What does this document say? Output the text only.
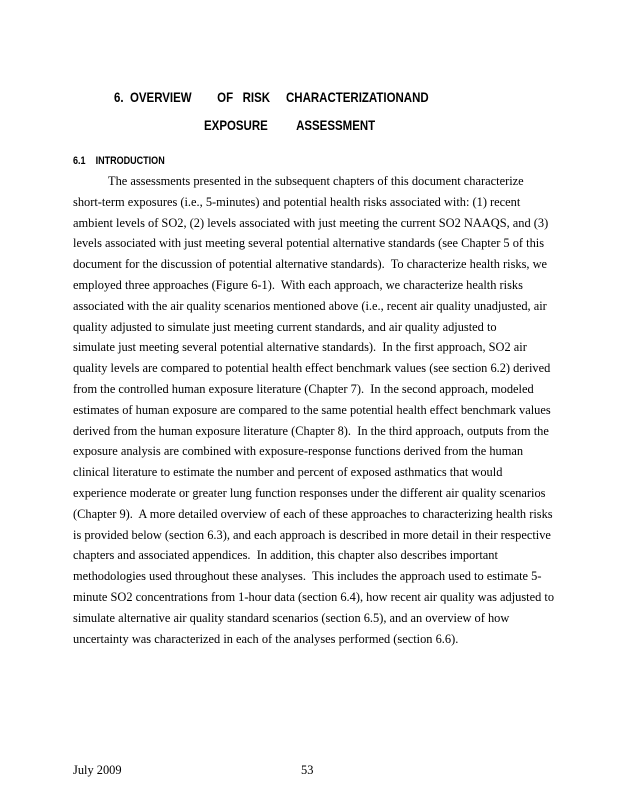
6.  OVERVIEW        OF   RISK     CHARACTERIZATIONAND
EXPOSURE         ASSESSMENT
6.1    INTRODUCTION
The assessments presented in the subsequent chapters of this document characterize
short-term exposures (i.e., 5-minutes) and potential health risks associated with: (1) recent
ambient levels of SO2, (2) levels associated with just meeting the current SO2 NAAQS, and (3)
levels associated with just meeting several potential alternative standards (see Chapter 5 of this
document for the discussion of potential alternative standards).  To characterize health risks, we
employed three approaches (Figure 6-1).  With each approach, we characterize health risks
associated with the air quality scenarios mentioned above (i.e., recent air quality unadjusted, air
quality adjusted to simulate just meeting current standards, and air quality adjusted to
simulate just meeting several potential alternative standards).  In the first approach, SO2 air
quality levels are compared to potential health effect benchmark values (see section 6.2) derived
from the controlled human exposure literature (Chapter 7).  In the second approach, modeled
estimates of human exposure are compared to the same potential health effect benchmark values
derived from the human exposure literature (Chapter 8).  In the third approach, outputs from the
exposure analysis are combined with exposure-response functions derived from the human
clinical literature to estimate the number and percent of exposed asthmatics that would
experience moderate or greater lung function responses under the different air quality scenarios
(Chapter 9).  A more detailed overview of each of these approaches to characterizing health risks
is provided below (section 6.3), and each approach is described in more detail in their respective
chapters and associated appendices.  In addition, this chapter also describes important
methodologies used throughout these analyses.  This includes the approach used to estimate 5-
minute SO2 concentrations from 1-hour data (section 6.4), how recent air quality was adjusted to
simulate alternative air quality standard scenarios (section 6.5), and an overview of how
uncertainty was characterized in each of the analyses performed (section 6.6).
July 2009	53
